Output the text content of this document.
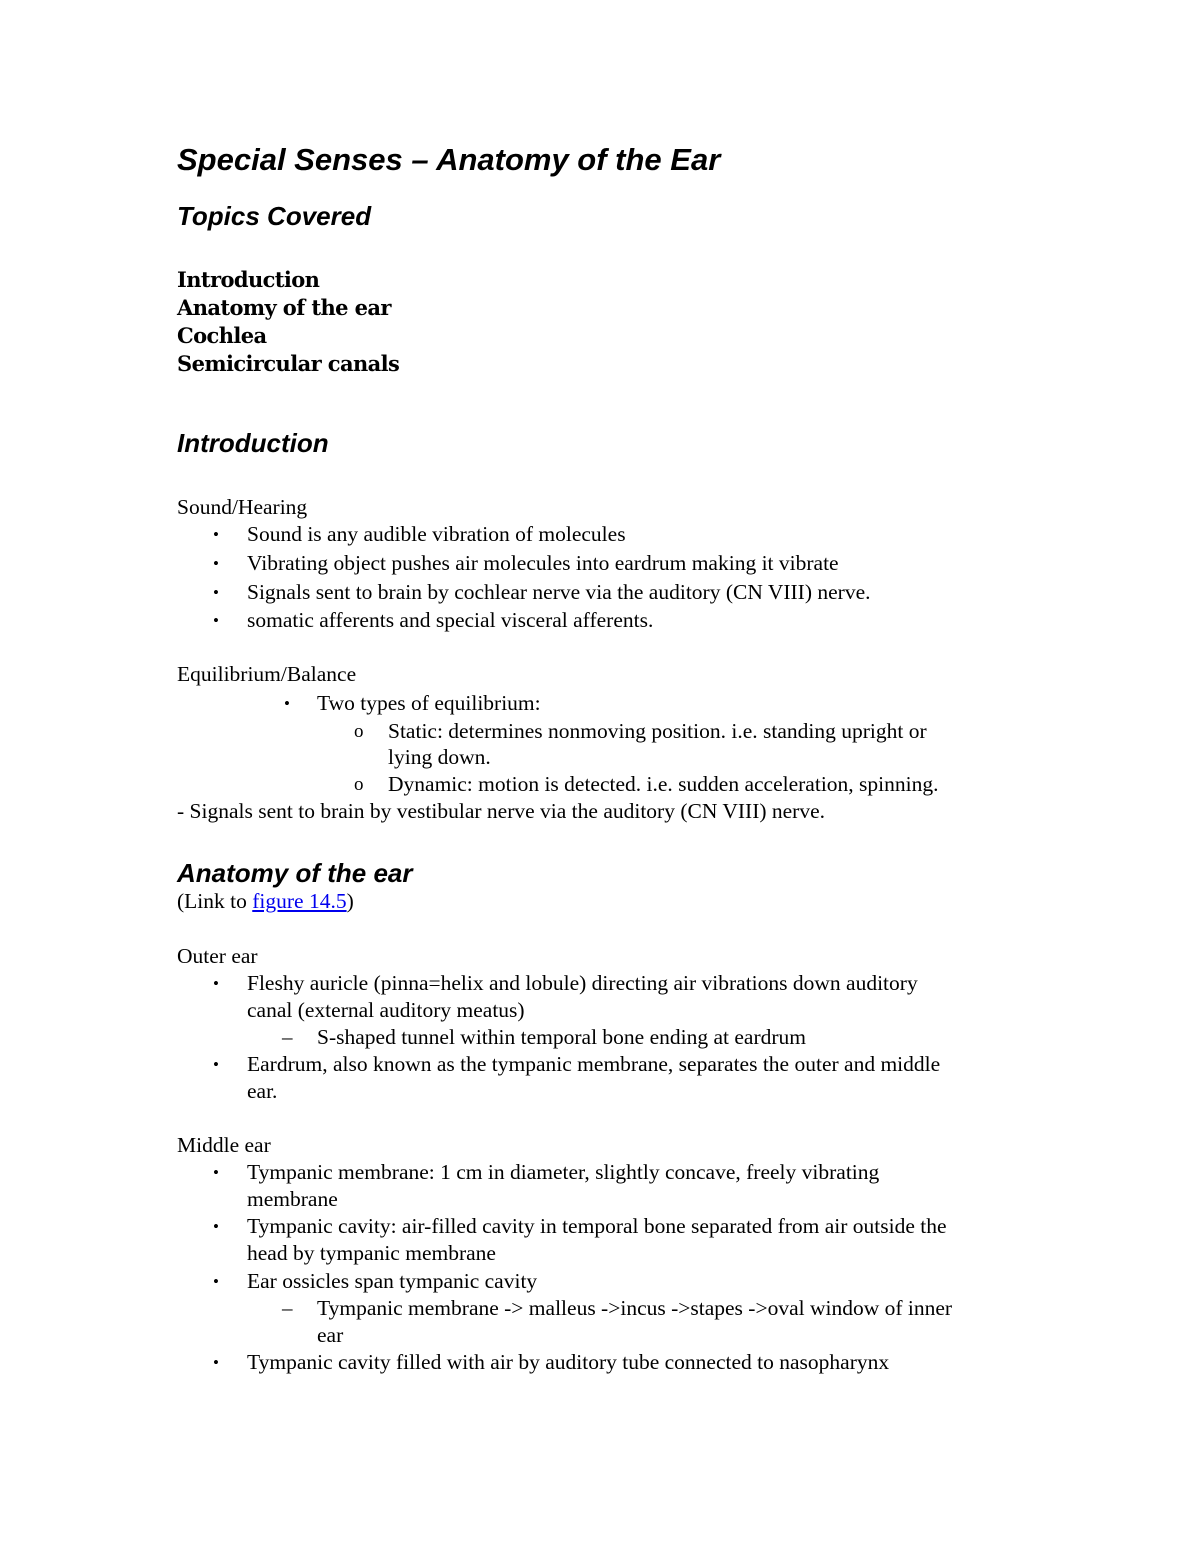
Special Senses – Anatomy of the Ear
Topics Covered
Introduction
Anatomy of the ear
Cochlea
Semicircular canals
Introduction
Sound/Hearing
• Sound is any audible vibration of molecules
• Vibrating object pushes air molecules into eardrum making it vibrate
• Signals sent to brain by cochlear nerve via the auditory (CN VIII) nerve.
• somatic afferents and special visceral afferents.
Equilibrium/Balance
• Two types of equilibrium:
o Static: determines nonmoving position. i.e. standing upright or
lying down.
o Dynamic: motion is detected. i.e. sudden acceleration, spinning.
- Signals sent to brain by vestibular nerve via the auditory (CN VIII) nerve.
Anatomy of the ear
(Link to figure 14.5)
Outer ear
• Fleshy auricle (pinna=helix and lobule) directing air vibrations down auditory
canal (external auditory meatus)
– S-shaped tunnel within temporal bone ending at eardrum
• Eardrum, also known as the tympanic membrane, separates the outer and middle
ear.
Middle ear
• Tympanic membrane: 1 cm in diameter, slightly concave, freely vibrating
membrane
• Tympanic cavity: air-filled cavity in temporal bone separated from air outside the
head by tympanic membrane
• Ear ossicles span tympanic cavity
– Tympanic membrane -> malleus ->incus ->stapes ->oval window of inner
ear
• Tympanic cavity filled with air by auditory tube connected to nasopharynx
